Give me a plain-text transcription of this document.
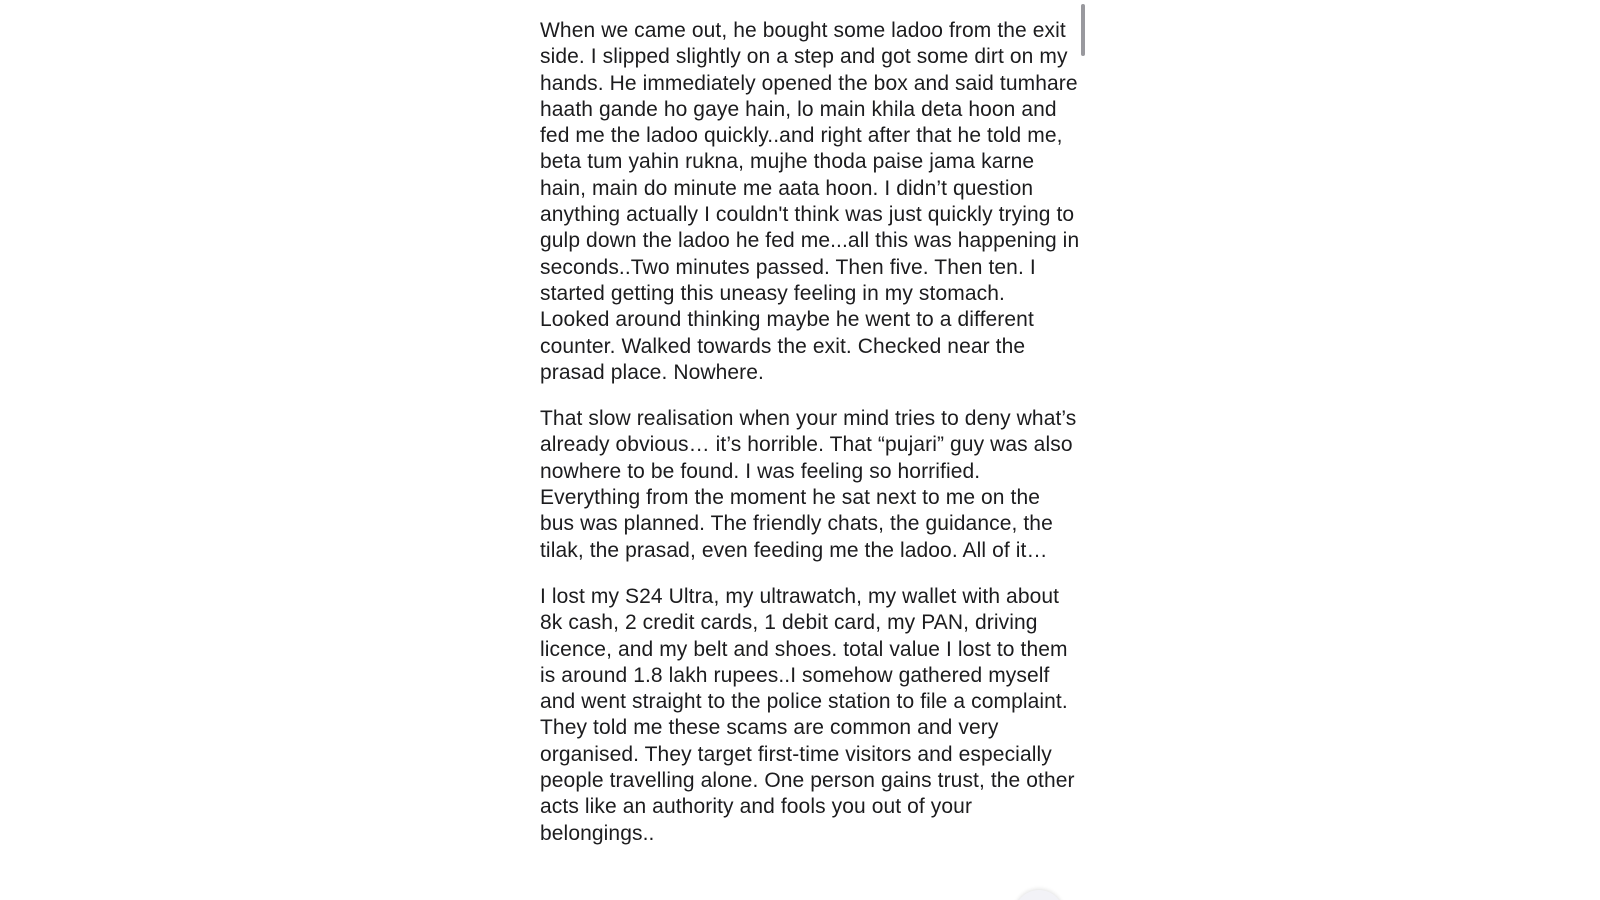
When we came out, he bought some ladoo from the exit side. I slipped slightly on a step and got some dirt on my hands. He immediately opened the box and said tumhare haath gande ho gaye hain, lo main khila deta hoon and fed me the ladoo quickly..and right after that he told me, beta tum yahin rukna, mujhe thoda paise jama karne hain, main do minute me aata hoon. I didn’t question anything actually I couldn't think was just quickly trying to gulp down the ladoo he fed me...all this was happening in seconds..Two minutes passed. Then five. Then ten. I started getting this uneasy feeling in my stomach. Looked around thinking maybe he went to a different counter. Walked towards the exit. Checked near the prasad place. Nowhere.

That slow realisation when your mind tries to deny what’s already obvious… it’s horrible. That “pujari” guy was also nowhere to be found. I was feeling so horrified. Everything from the moment he sat next to me on the bus was planned. The friendly chats, the guidance, the tilak, the prasad, even feeding me the ladoo. All of it…

I lost my S24 Ultra, my ultrawatch, my wallet with about 8k cash, 2 credit cards, 1 debit card, my PAN, driving licence, and my belt and shoes. total value I lost to them is around 1.8 lakh rupees..I somehow gathered myself and went straight to the police station to file a complaint. They told me these scams are common and very organised. They target first-time visitors and especially people travelling alone. One person gains trust, the other acts like an authority and fools you out of your belongings..
